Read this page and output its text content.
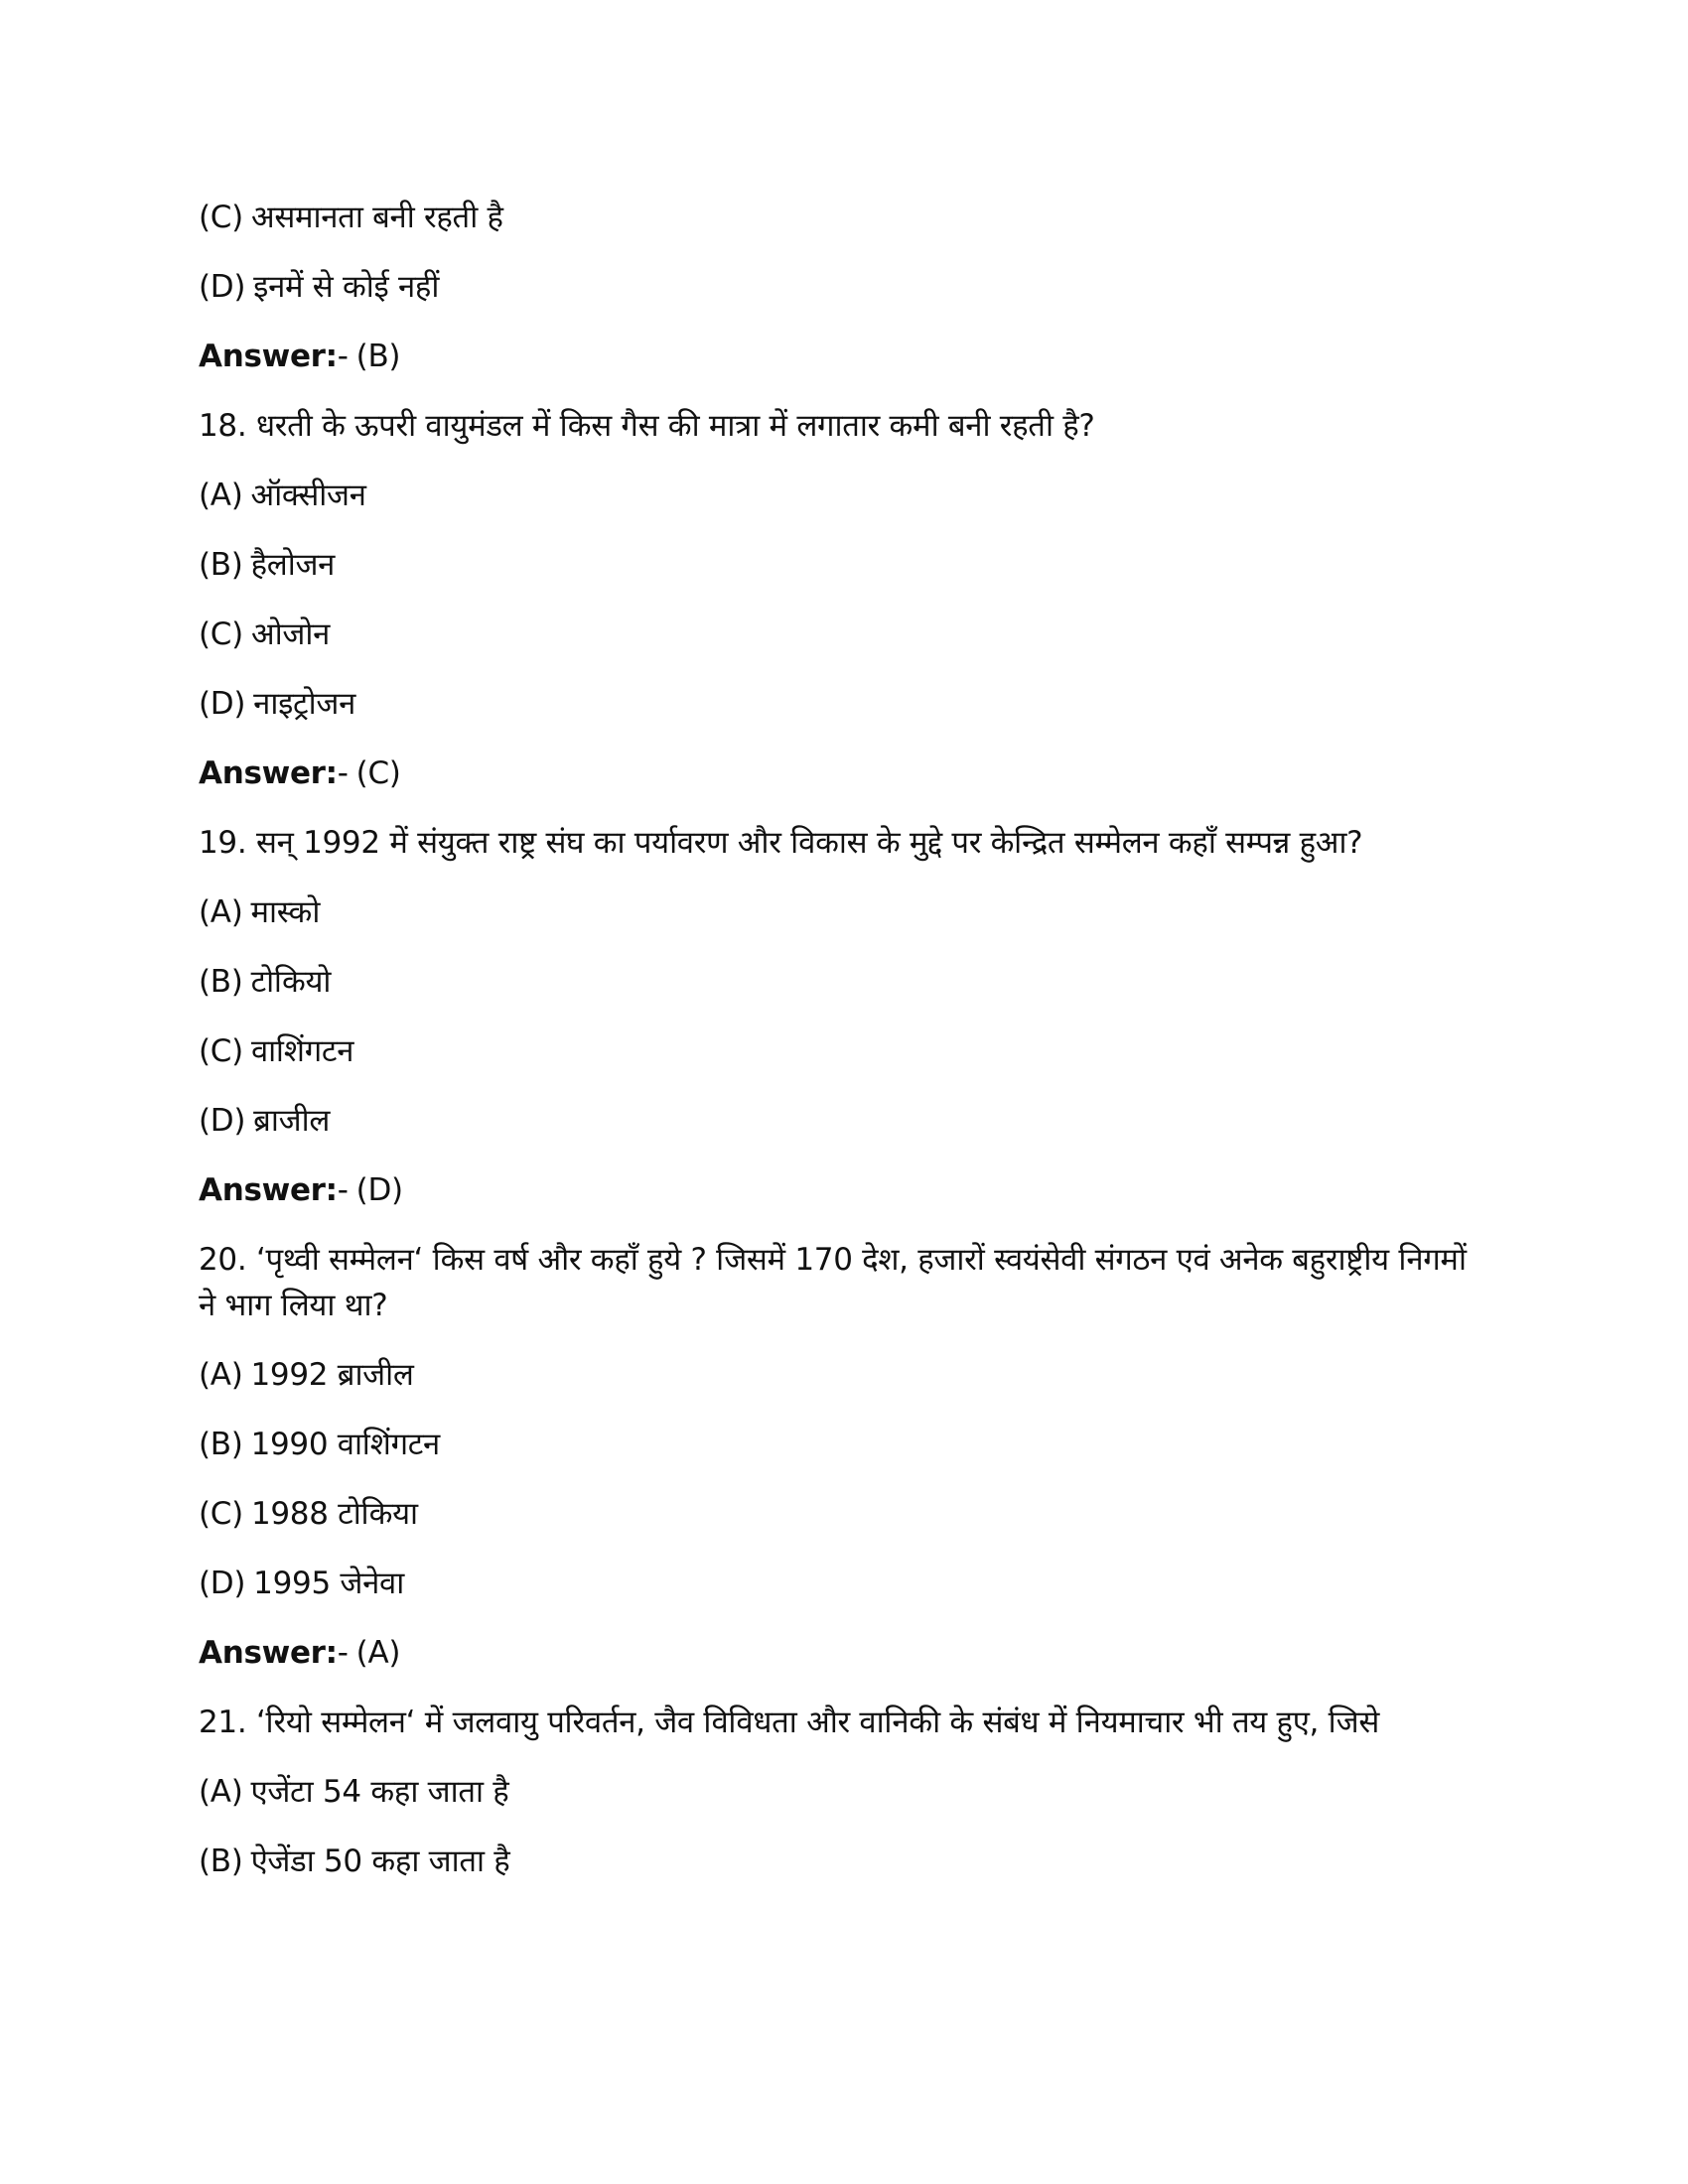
(C) असमानता बनी रहती है

(D) इनमें से कोई नहीं

Answer:- (B)

18. धरती के ऊपरी वायुमंडल में किस गैस की मात्रा में लगातार कमी बनी रहती है?

(A) ऑक्सीजन

(B) हैलोजन

(C) ओजोन

(D) नाइट्रोजन

Answer:- (C)

19. सन् 1992 में संयुक्त राष्ट्र संघ का पर्यावरण और विकास के मुद्दे पर केन्द्रित सम्मेलन कहाँ सम्पन्न हुआ?

(A) मास्को

(B) टोकियो

(C) वाशिंगटन

(D) ब्राजील

Answer:- (D)

20. ‘पृथ्वी सम्मेलन‘ किस वर्ष और कहाँ हुये ? जिसमें 170 देश, हजारों स्वयंसेवी संगठन एवं अनेक बहुराष्ट्रीय निगमों ने भाग लिया था?

(A) 1992 ब्राजील

(B) 1990 वाशिंगटन

(C) 1988 टोकिया

(D) 1995 जेनेवा

Answer:- (A)

21. ‘रियो सम्मेलन‘ में जलवायु परिवर्तन, जैव विविधता और वानिकी के संबंध में नियमाचार भी तय हुए, जिसे

(A) एजेंटा 54 कहा जाता है

(B) ऐजेंडा 50 कहा जाता है
